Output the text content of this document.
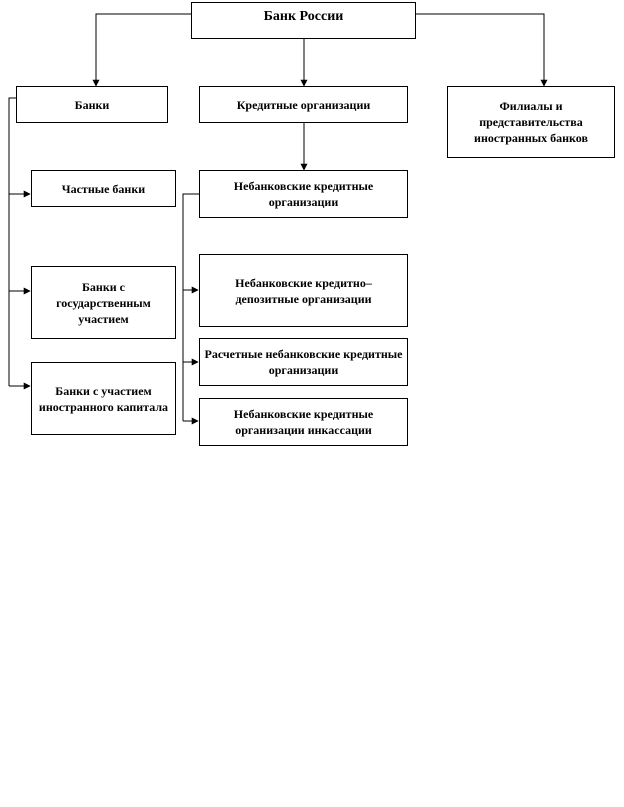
Банк России
Банки	Кредитные организации	Филиалы и представительства иностранных банков
Частные банки
Банки с государственным участием
Банки с участием иностранного капитала
Небанковские кредитные организации
Небанковские кредитно–депозитные организации
Расчетные небанковские кредитные организации
Небанковские кредитные организации инкассации
